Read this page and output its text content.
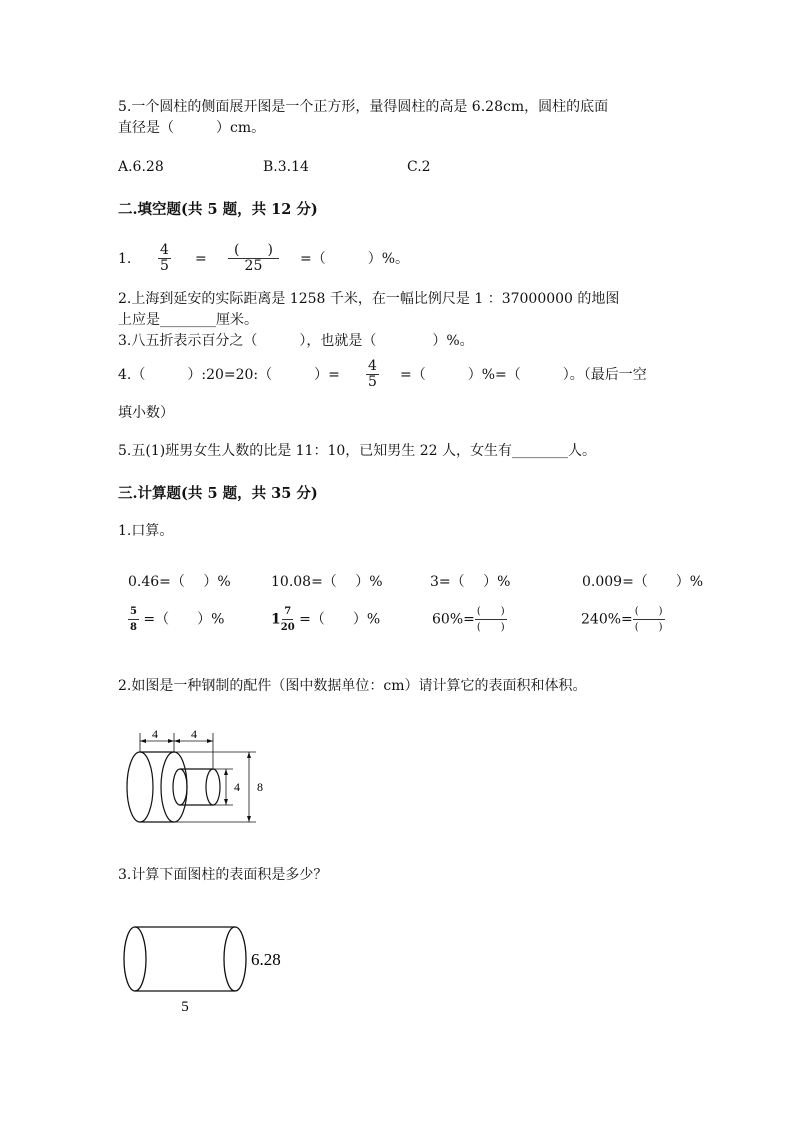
5.一个圆柱的侧面展开图是一个正方形，量得圆柱的高是 6.28cm，圆柱的底面
直径是（　　　）cm。
A.6.28	B.3.14	C.2
二.填空题(共 5 题，共 12 分)
1. $\frac{4}{5} = \frac{( )}{25}$ =（　　　）%。
2.上海到延安的实际距离是 1258 千米，在一幅比例尺是 1 ：37000000 的地图
上应是________厘米。
3.八五折表示百分之（　　　），也就是（　　　　）%。
4.（　　　）:20=20:（　　　）= $\frac{4}{5}$ =（　　　）%=（　　　）。（最后一空
填小数）
5.五(1)班男女生人数的比是 11：10，已知男生 22 人，女生有________人。
三.计算题(共 5 题，共 35 分)
1.口算。
0.46=（　 ）%	10.08=（　 ）%	3=（　 ）%	0.009=（　　）%
$\frac{5}{8}$ =（　　）%	$1 \frac{7}{20}$ =（　　）%	$60\%= \frac{( )}{( )}$	$240\%= \frac{( )}{( )}$
2.如图是一种钢制的配件（图中数据单位：cm）请计算它的表面积和体积。
4	4
4 8
3.计算下面图柱的表面积是多少？
6.28
5
